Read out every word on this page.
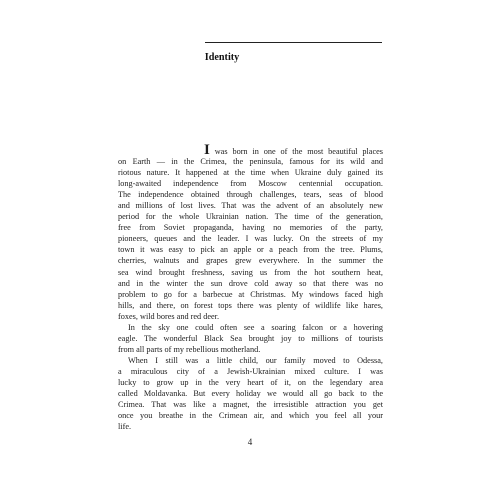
Identity
I was born in one of the most beautiful places
on Earth — in the Crimea, the peninsula, famous for its wild and
riotous nature. It happened at the time when Ukraine duly gained its
long-awaited independence from Moscow centennial occupation.
The independence obtained through challenges, tears, seas of blood
and millions of lost lives. That was the advent of an absolutely new
period for the whole Ukrainian nation. The time of the generation,
free from Soviet propaganda, having no memories of the party,
pioneers, queues and the leader. I was lucky. On the streets of my
town it was easy to pick an apple or a peach from the tree. Plums,
cherries, walnuts and grapes grew everywhere. In the summer the
sea wind brought freshness, saving us from the hot southern heat,
and in the winter the sun drove cold away so that there was no
problem to go for a barbecue at Christmas. My windows faced high
hills, and there, on forest tops there was plenty of wildlife like hares,
foxes, wild bores and red deer.
In the sky one could often see a soaring falcon or a hovering
eagle. The wonderful Black Sea brought joy to millions of tourists
from all parts of my rebellious motherland.
When I still was a little child, our family moved to Odessa,
a miraculous city of a Jewish-Ukrainian mixed culture. I was
lucky to grow up in the very heart of it, on the legendary area
called Moldavanka. But every holiday we would all go back to the
Crimea. That was like a magnet, the irresistible attraction you get
once you breathe in the Crimean air, and which you feel all your
life.
4
